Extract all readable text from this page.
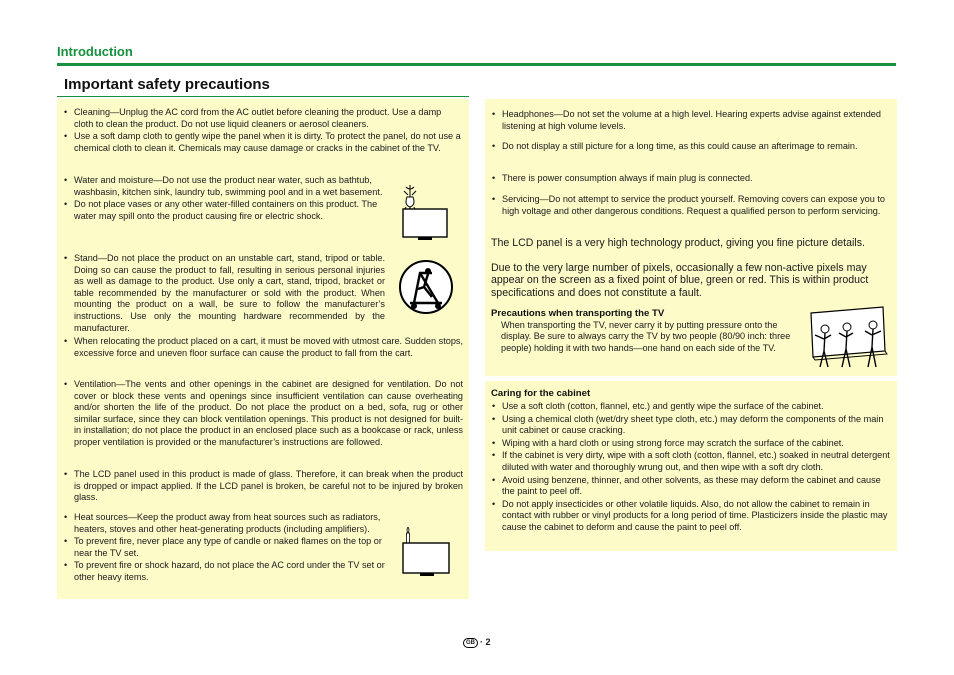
Introduction
Important safety precautions
• Cleaning—Unplug the AC cord from the AC outlet before cleaning the product. Use a damp cloth to clean the product. Do not use liquid cleaners or aerosol cleaners.
• Use a soft damp cloth to gently wipe the panel when it is dirty. To protect the panel, do not use a chemical cloth to clean it. Chemicals may cause damage or cracks in the cabinet of the TV.
• Water and moisture—Do not use the product near water, such as bathtub, washbasin, kitchen sink, laundry tub, swimming pool and in a wet basement.
• Do not place vases or any other water-filled containers on this product. The water may spill onto the product causing fire or electric shock.
• Stand—Do not place the product on an unstable cart, stand, tripod or table. Doing so can cause the product to fall, resulting in serious personal injuries as well as damage to the product. Use only a cart, stand, tripod, bracket or table recommended by the manufacturer or sold with the product. When mounting the product on a wall, be sure to follow the manufacturer’s instructions. Use only the mounting hardware recommended by the manufacturer.
• When relocating the product placed on a cart, it must be moved with utmost care. Sudden stops, excessive force and uneven floor surface can cause the product to fall from the cart.
• Ventilation—The vents and other openings in the cabinet are designed for ventilation. Do not cover or block these vents and openings since insufficient ventilation can cause overheating and/or shorten the life of the product. Do not place the product on a bed, sofa, rug or other similar surface, since they can block ventilation openings. This product is not designed for built-in installation; do not place the product in an enclosed place such as a bookcase or rack, unless proper ventilation is provided or the manufacturer’s instructions are followed.
• The LCD panel used in this product is made of glass. Therefore, it can break when the product is dropped or impact applied. If the LCD panel is broken, be careful not to be injured by broken glass.
• Heat sources—Keep the product away from heat sources such as radiators, heaters, stoves and other heat-generating products (including amplifiers).
• To prevent fire, never place any type of candle or naked flames on the top or near the TV set.
• To prevent fire or shock hazard, do not place the AC cord under the TV set or other heavy items.
• Headphones—Do not set the volume at a high level. Hearing experts advise against extended listening at high volume levels.
• Do not display a still picture for a long time, as this could cause an afterimage to remain.
• There is power consumption always if main plug is connected.
• Servicing—Do not attempt to service the product yourself. Removing covers can expose you to high voltage and other dangerous conditions. Request a qualified person to perform servicing.
The LCD panel is a very high technology product, giving you fine picture details.
Due to the very large number of pixels, occasionally a few non-active pixels may appear on the screen as a fixed point of blue, green or red. This is within product specifications and does not constitute a fault.
Precautions when transporting the TV
When transporting the TV, never carry it by putting pressure onto the display. Be sure to always carry the TV by two people (80/90 inch: three people) holding it with two hands—one hand on each side of the TV.
Caring for the cabinet
• Use a soft cloth (cotton, flannel, etc.) and gently wipe the surface of the cabinet.
• Using a chemical cloth (wet/dry sheet type cloth, etc.) may deform the components of the main unit cabinet or cause cracking.
• Wiping with a hard cloth or using strong force may scratch the surface of the cabinet.
• If the cabinet is very dirty, wipe with a soft cloth (cotton, flannel, etc.) soaked in neutral detergent diluted with water and thoroughly wrung out, and then wipe with a soft dry cloth.
• Avoid using benzene, thinner, and other solvents, as these may deform the cabinet and cause the paint to peel off.
• Do not apply insecticides or other volatile liquids. Also, do not allow the cabinet to remain in contact with rubber or vinyl products for a long period of time. Plasticizers inside the plastic may cause the cabinet to deform and cause the paint to peel off.
GB · 2
